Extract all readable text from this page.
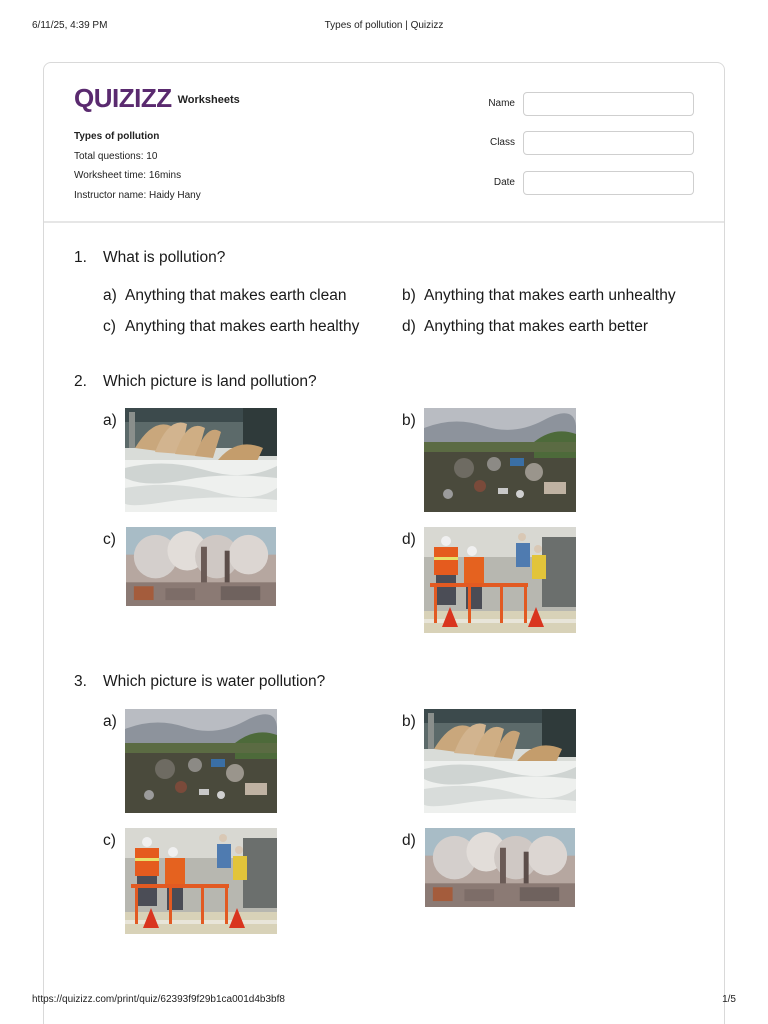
6/11/25, 4:39 PM	Types of pollution | Quizizz
QUIZIZZ Worksheets
Types of pollution
Total questions: 10
Worksheet time: 16mins
Instructor name: Haidy Hany
Name
Class
Date
1. What is pollution?
a) Anything that makes earth clean	b) Anything that makes earth unhealthy
c) Anything that makes earth healthy	d) Anything that makes earth better
2. Which picture is land pollution?
a)	b)
c)	d)
3. Which picture is water pollution?
a)	b)
c)	d)
https://quizizz.com/print/quiz/62393f9f29b1ca001d4b3bf8	1/5
